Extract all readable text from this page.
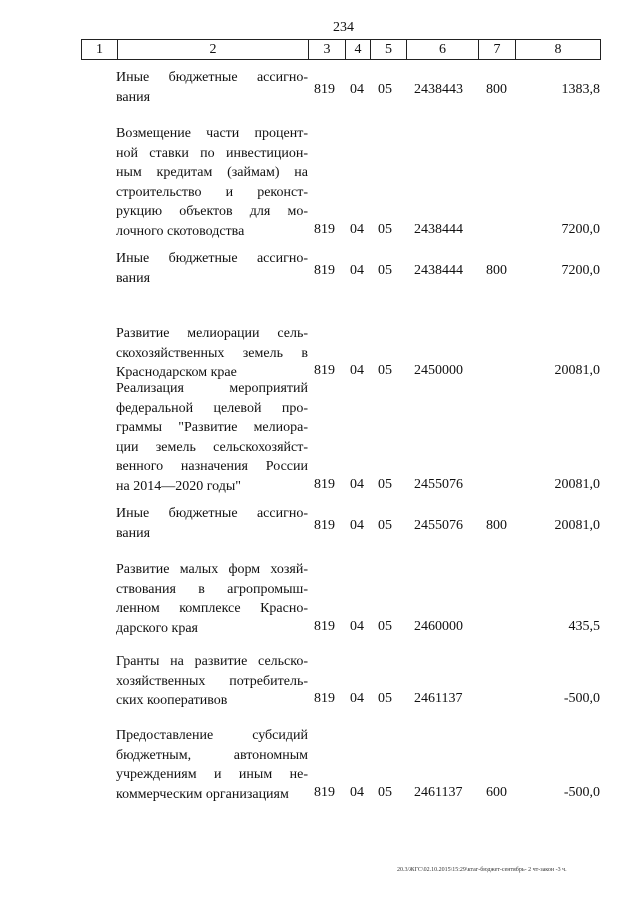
234
1	2	3	4	5	6	7	8
Иные бюджетные ассигно-
вания
819 04 05 2438443 800	1383,8
Возмещение части процент-
ной ставки по инвестицион-
ным кредитам (займам) на
строительство и реконст-
рукцию объектов для мо-
лочного скотоводства	819 04 05 2438444	7200,0
Иные бюджетные ассигно-
вания
819 04 05 2438444 800	7200,0
Развитие мелиорации сель-
скохозяйственных земель в
Краснодарском крае	819 04 05 2450000	20081,0
Реализация мероприятий
федеральной целевой про-
граммы "Развитие мелиора-
ции земель сельскохозяйст-
венного назначения России
на 2014—2020 годы"	819 04 05 2455076	20081,0
Иные бюджетные ассигно-
вания
819 04 05 2455076 800	20081,0
Развитие малых форм хозяй-
ствования в агропромыш-
ленном комплексе Красно-
дарского края	819 04 05 2460000	435,5
Гранты на развитие сельско-
хозяйственных потребитель-
ских кооперативов	819 04 05 2461137	-500,0
Предоставление субсидий
бюджетным, автономным
учреждениям и иным не-
коммерческим организациям	819 04 05 2461137 600	-500,0
20.3/ЖГС\02.10.2015\15:29\ктаг-бюджет-сентябрь- 2 чт-закон -3 ч.
